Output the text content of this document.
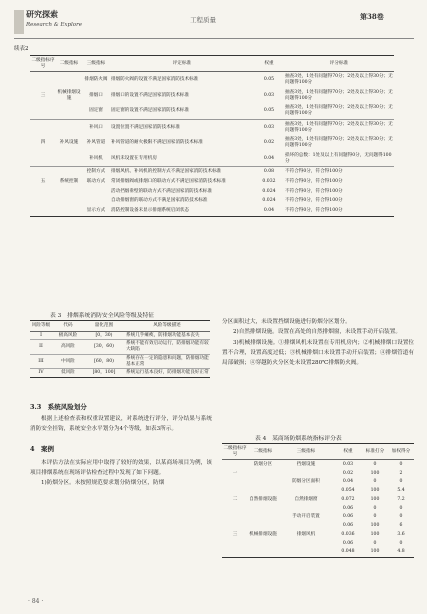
研究探索
Research & Explore
工程质量	第38卷
续表2
二级指标序号	二级指标	三级指标	评定标准	权重	评分标准
		排烟防火阀	排烟防火阀的设置不满足国家消防技术标准	0.05	抽查3处，1处有问题得70分；2处及以上得30分；无问题得100分
三	机械排烟设施	排烟口	排烟口的设置不满足国家消防技术标准	0.03	抽查3处，1处有问题得70分；2处及以上得30分；无问题得100分
		固定窗	固定窗的设置不满足国家消防技术标准	0.05	抽查3处，1处有问题得70分；2处及以上得30分；无问题得100分
		补风口	设置位置不满足国家消防技术标准	0.03	抽查3处，1处有问题得70分；2处及以上得30分；无问题得100分
四	补风设施	补风管道	补风管道的耐火极限不满足国家消防技术标准	0.02	抽查3处，1处有问题得70分；2处及以上得30分；无问题得100分
		补风机	风机未设置在专用机房	0.04	损坏的总数：1处及以上有问题得0分，无问题得100分
		控制方式	排烟风机、补风机的控制方式不满足国家消防技术标准	0.08	不符合得0分，符合得100分
五	系统控制	联动方式	常闭排烟阀或排烟口的联动方式不满足国家消防技术标准	0.032	不符合得0分，符合得100分
			活动挡烟垂壁的联动方式不满足国家消防技术标准	0.024	不符合得0分，符合得100分
			自动排烟窗的联动方式不满足国家消防技术标准	0.024	不符合得0分，符合得100分
		显示方式	消防控制设备未显示排烟系统启闭状态	0.04	不符合得0分，符合得100分
表 3　排烟系统消防安全风险等级及特征
风险等级	代码	量化范围	风险等级描述
I	极高风险	[0，30)	系统几乎瘫痪，防排烟功能基本丧失
II	高风险	[30，60)	系统不能有效启动运行，防排烟功能有较大缺陷
III	中风险	[60，80)	系统存在一定的隐患和问题，防排烟功能基本正常
IV	低风险	[80，100]	系统运行基本良好，防排烟功能良好正常
3.3　系统风险划分
根据上述检查表和权重设置建议，对系统进行评分，评分结果与系统消防安全挂钩，系统安全水平划分为4个等级，如表3所示。
4　案例
本评估方法在实际应用中取得了较好的效果，以某商场项目为例，该项目排烟系统在现场评估检查过程中发现了如下问题。
1)防烟分区。未按照规范要求划分防烟分区，防烟
分区面积过大，未设置挡烟设施进行防烟分区划分。
2)自然排烟设施。设置在高处的自然排烟窗，未设置手动开启装置。
3)机械排烟设施。①排烟风机未设置在专用机房内；②机械排烟口设置位置不合理，设置高度过低；③机械排烟口未设置手动开启装置；④排烟管道有局部破损；④穿越防火分区处未设置280℃排烟防火阀。
表 4　某商场防烟系统指标评分表
二级指标序号	二级指标	三级指标	权重	标准打分	加权得分
	防烟分区	挡烟设施	0.03	0	0
一			0.02	100	2
		防烟分区面积	0.04	0	0
			0.054	100	5.4
二	自然排烟设施	自然排烟窗	0.072	100	7.2
			0.06	0	0
		手动开启装置	0.06	0	0
			0.06	100	6
三	机械排烟设施	排烟风机	0.036	100	3.6
			0.06	0	0
			0.048	100	4.8
· 84 ·
